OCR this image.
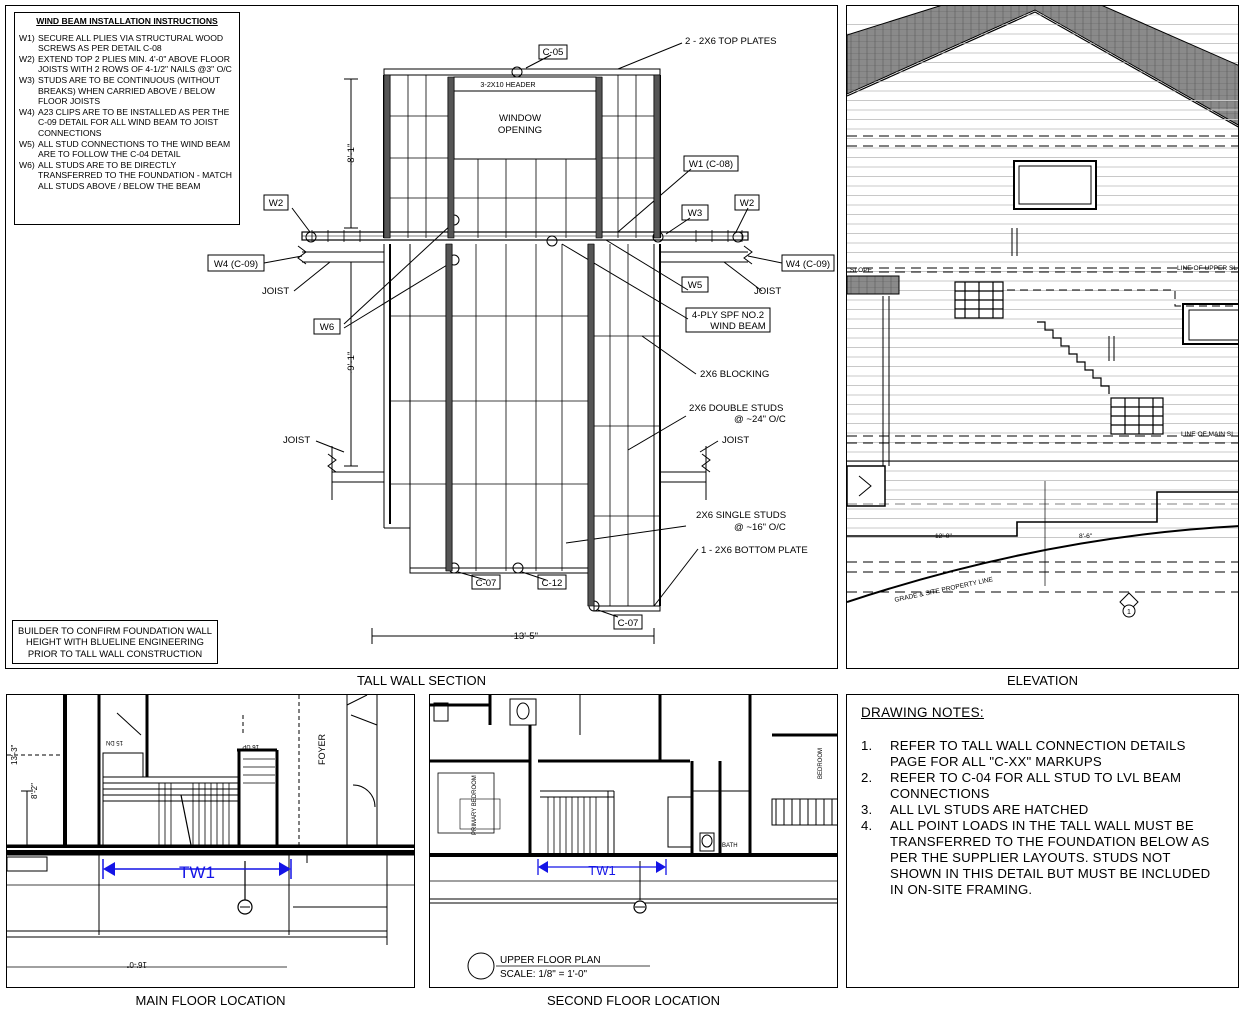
WIND BEAM INSTALLATION INSTRUCTIONS
W1) SECURE ALL PLIES VIA STRUCTURAL WOOD SCREWS AS PER DETAIL C-08
W2) EXTEND TOP 2 PLIES MIN. 4'-0" ABOVE FLOOR JOISTS WITH 2 ROWS OF 4-1/2" NAILS @3" O/C
W3) STUDS ARE TO BE CONTINUOUS (WITHOUT BREAKS) WHEN CARRIED ABOVE / BELOW FLOOR JOISTS
W4) A23 CLIPS ARE TO BE INSTALLED AS PER THE C-09 DETAIL FOR ALL WIND BEAM TO JOIST CONNECTIONS
W5) ALL STUD CONNECTIONS TO THE WIND BEAM ARE TO FOLLOW THE C-04 DETAIL
W6) ALL STUDS ARE TO BE DIRECTLY TRANSFERRED TO THE FOUNDATION - MATCH ALL STUDS ABOVE / BELOW THE BEAM
BUILDER TO CONFIRM FOUNDATION WALL HEIGHT WITH BLUELINE ENGINEERING PRIOR TO TALL WALL CONSTRUCTION
3-2X10 HEADER
WINDOW
OPENING
2 - 2X6 TOP PLATES
C-05
W1 (C-08)
W2	W2
W3
W4 (C-09)	W4 (C-09)
W5
W6
JOIST	JOIST
JOIST	JOIST
4-PLY SPF NO.2
WIND BEAM
2X6 BLOCKING
2X6 DOUBLE STUDS
@ ~24" O/C
2X6 SINGLE STUDS
@ ~16" O/C
1 - 2X6 BOTTOM PLATE
C-07	C-12
C-07
~13'-5"
~8'-1"
~9'-1"
TALL WALL SECTION
SLOPE	LINE OF UPPER SL
LINE OF MAIN SL
12'-0"	8'-6"
GRADE & SITE PROPERTY LINE
1
ELEVATION
TW1
FOYER
13'-3"
8'-2"
16'-0"
15 DN
16 UP
MAIN FLOOR LOCATION
TW1
PRIMARY BEDROOM
BATH
BEDROOM
UPPER FLOOR PLAN
SCALE: 1/8" = 1'-0"
SECOND FLOOR LOCATION
DRAWING NOTES:
1.	REFER TO TALL WALL CONNECTION DETAILS PAGE FOR ALL "C-XX" MARKUPS
2.	REFER TO C-04 FOR ALL STUD TO LVL BEAM CONNECTIONS
3.	ALL LVL STUDS ARE HATCHED
4.	ALL POINT LOADS IN THE TALL WALL MUST BE TRANSFERRED TO THE FOUNDATION BELOW AS PER THE SUPPLIER LAYOUTS. STUDS NOT SHOWN IN THIS DETAIL BUT MUST BE INCLUDED IN ON-SITE FRAMING.
